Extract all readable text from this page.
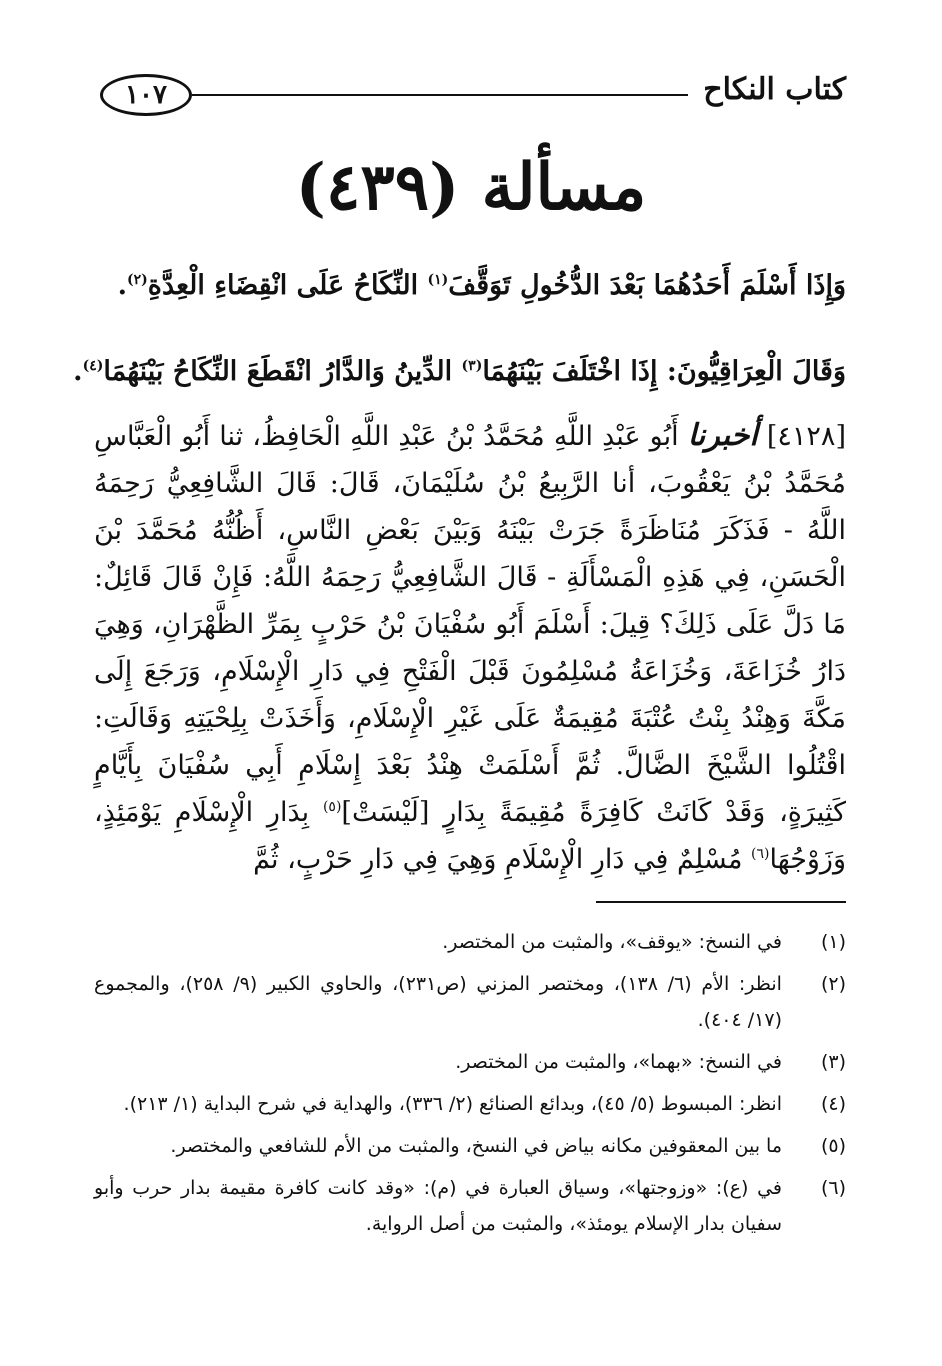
كتاب النكاح
١٠٧
مسألة (٤٣٩)
وَإِذَا أَسْلَمَ أَحَدُهُمَا بَعْدَ الدُّخُولِ تَوَقَّفَ$^{(١)}$ النِّكَاحُ عَلَى انْقِضَاءِ الْعِدَّةِ$^{(٢)}$.
وَقَالَ الْعِرَاقِيُّونَ: إِذَا اخْتَلَفَ بَيْنَهُمَا$^{(٣)}$ الدِّينُ وَالدَّارُ انْقَطَعَ النِّكَاحُ بَيْنَهُمَا$^{(٤)}$.
[٤١٢٨] أخبرنا أَبُو عَبْدِ اللَّهِ مُحَمَّدُ بْنُ عَبْدِ اللَّهِ الْحَافِظُ، ثنا أَبُو الْعَبَّاسِ مُحَمَّدُ بْنُ يَعْقُوبَ، أنا الرَّبِيعُ بْنُ سُلَيْمَانَ، قَالَ: قَالَ الشَّافِعِيُّ رَحِمَهُ اللَّهُ - فَذَكَرَ مُنَاظَرَةً جَرَتْ بَيْنَهُ وَبَيْنَ بَعْضِ النَّاسِ، أَظُنُّهُ مُحَمَّدَ بْنَ الْحَسَنِ، فِي هَذِهِ الْمَسْأَلَةِ - قَالَ الشَّافِعِيُّ رَحِمَهُ اللَّهُ: فَإِنْ قَالَ قَائِلٌ: مَا دَلَّ عَلَى ذَلِكَ؟ قِيلَ: أَسْلَمَ أَبُو سُفْيَانَ بْنُ حَرْبٍ بِمَرِّ الظَّهْرَانِ، وَهِيَ دَارُ خُزَاعَةَ، وَخُزَاعَةُ مُسْلِمُونَ قَبْلَ الْفَتْحِ فِي دَارِ الْإِسْلَامِ، وَرَجَعَ إِلَى مَكَّةَ وَهِنْدُ بِنْتُ عُتْبَةَ مُقِيمَةٌ عَلَى غَيْرِ الْإِسْلَامِ، وَأَخَذَتْ بِلِحْيَتِهِ وَقَالَتِ: اقْتُلُوا الشَّيْخَ الضَّالَّ. ثُمَّ أَسْلَمَتْ هِنْدُ بَعْدَ إِسْلَامِ أَبِي سُفْيَانَ بِأَيَّامٍ كَثِيرَةٍ، وَقَدْ كَانَتْ كَافِرَةً مُقِيمَةً بِدَارٍ [لَيْسَتْ]$^{(٥)}$ بِدَارِ الْإِسْلَامِ يَوْمَئِذٍ، وَزَوْجُهَا$^{(٦)}$ مُسْلِمٌ فِي دَارِ الْإِسْلَامِ وَهِيَ فِي دَارِ حَرْبٍ، ثُمَّ
(١)
في النسخ: «يوقف»، والمثبت من المختصر.
(٢)
انظر: الأم (٦/ ١٣٨)، ومختصر المزني (ص٢٣١)، والحاوي الكبير (٩/ ٢٥٨)، والمجموع (١٧/ ٤٠٤).
(٣)
في النسخ: «بهما»، والمثبت من المختصر.
(٤)
انظر: المبسوط (٥/ ٤٥)، وبدائع الصنائع (٢/ ٣٣٦)، والهداية في شرح البداية (١/ ٢١٣).
(٥)
ما بين المعقوفين مكانه بياض في النسخ، والمثبت من الأم للشافعي والمختصر.
(٦)
في (ع): «وزوجتها»، وسياق العبارة في (م): «وقد كانت كافرة مقيمة بدار حرب وأبو سفيان بدار الإسلام يومئذ»، والمثبت من أصل الرواية.
